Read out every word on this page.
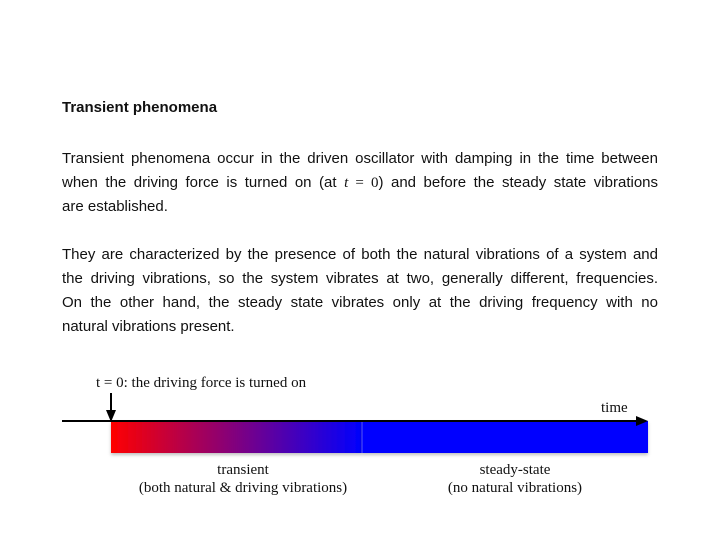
Transient phenomena
Transient phenomena occur in the driven oscillator with damping in the time between
when the driving force is turned on (at t = 0) and before the steady state vibrations
are established.
They are characterized by the presence of both the natural vibrations of a system and
the driving vibrations, so the system vibrates at two, generally different, frequencies.
On the other hand, the steady state vibrates only at the driving frequency with no
natural vibrations present.
t = 0: the driving force is turned on
time
transient
(both natural & driving vibrations)
steady-state
(no natural vibrations)
